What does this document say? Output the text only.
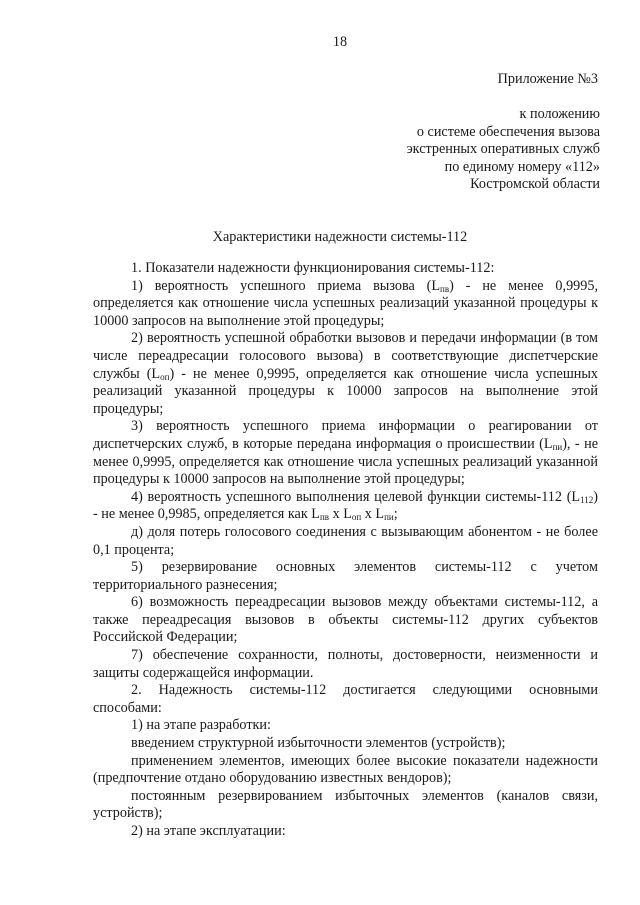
18
Приложение №3
к положению
о системе обеспечения вызова
экстренных оперативных служб
по единому номеру «112»
Костромской области
Характеристики надежности системы-112

1. Показатели надежности функционирования системы-112:

1) вероятность успешного приема вызова $(L_{пв})$ - не менее 0,9995, определяется как отношение числа успешных реализаций указанной процедуры к 10000 запросов на выполнение этой процедуры;

2) вероятность успешной обработки вызовов и передачи информации (в том числе переадресации голосового вызова) в соответствующие диспетчерские службы $(L_{оп})$ - не менее 0,9995, определяется как отношение числа успешных реализаций указанной процедуры к 10000 запросов на выполнение этой процедуры;

3) вероятность успешного приема информации о реагировании от диспетчерских служб, в которые передана информация о происшествии $(L_{пи})$, - не менее 0,9995, определяется как отношение числа успешных реализаций указанной процедуры к 10000 запросов на выполнение этой процедуры;

4) вероятность успешного выполнения целевой функции системы-112 $(L_{112})$ - не менее 0,9985, определяется как $L_{пв}$ x $L_{оп}$ x $L_{пи}$;

д) доля потерь голосового соединения с вызывающим абонентом - не более 0,1 процента;

5) резервирование основных элементов системы-112 с учетом территориального разнесения;

6) возможность переадресации вызовов между объектами системы-112, а также переадресация вызовов в объекты системы-112 других субъектов Российской Федерации;

7) обеспечение сохранности, полноты, достоверности, неизменности и защиты содержащейся информации.

2. Надежность системы-112 достигается следующими основными способами:

1) на этапе разработки:

введением структурной избыточности элементов (устройств);

применением элементов, имеющих более высокие показатели надежности (предпочтение отдано оборудованию известных вендоров);

постоянным резервированием избыточных элементов (каналов связи, устройств);

2) на этапе эксплуатации:
